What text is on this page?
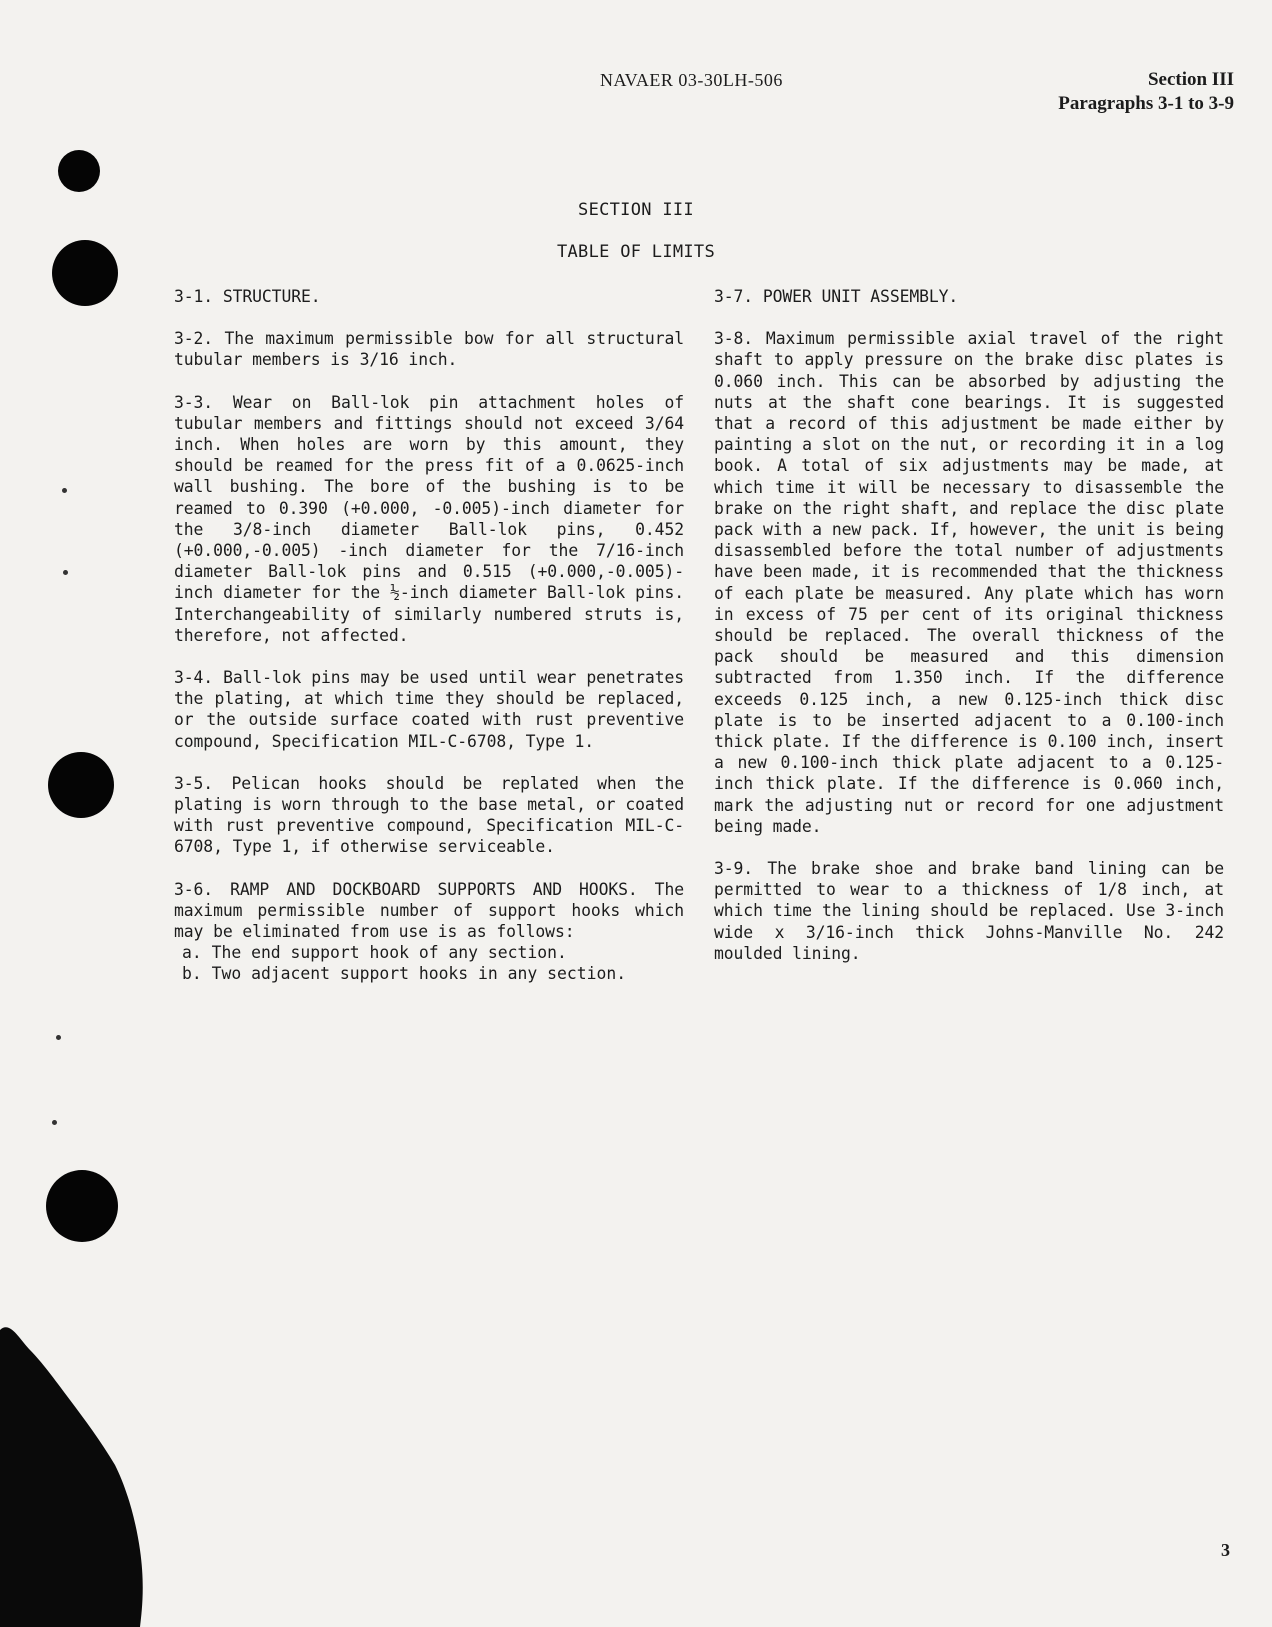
NAVAER 03-30LH-506	Section III
Paragraphs 3-1 to 3-9
SECTION III
TABLE OF LIMITS

3-1. STRUCTURE.

3-2. The maximum permissible bow for all structural tubular members is 3/16 inch.

3-3. Wear on Ball-lok pin attachment holes of tubular members and fittings should not exceed 3/64 inch. When holes are worn by this amount, they should be reamed for the press fit of a 0.0625-inch wall bushing. The bore of the bushing is to be reamed to 0.390 (+0.000, -0.005)-inch diameter for the 3/8-inch diameter Ball-lok pins, 0.452 (+0.000,-0.005) -inch diameter for the 7/16-inch diameter Ball-lok pins and 0.515 (+0.000,-0.005)-inch diameter for the ½-inch diameter Ball-lok pins. Interchangeability of similarly numbered struts is, therefore, not affected.

3-4. Ball-lok pins may be used until wear penetrates the plating, at which time they should be replaced, or the outside surface coated with rust preventive compound, Specification MIL-C-6708, Type 1.

3-5. Pelican hooks should be replated when the plating is worn through to the base metal, or coated with rust preventive compound, Specification MIL-C-6708, Type 1, if otherwise serviceable.

3-6. RAMP AND DOCKBOARD SUPPORTS AND HOOKS. The maximum permissible number of support hooks which may be eliminated from use is as follows:

a. The end support hook of any section.
b. Two adjacent support hooks in any section.

3-7. POWER UNIT ASSEMBLY.

3-8. Maximum permissible axial travel of the right shaft to apply pressure on the brake disc plates is 0.060 inch. This can be absorbed by adjusting the nuts at the shaft cone bearings. It is suggested that a record of this adjustment be made either by painting a slot on the nut, or recording it in a log book. A total of six adjustments may be made, at which time it will be necessary to disassemble the brake on the right shaft, and replace the disc plate pack with a new pack. If, however, the unit is being disassembled before the total number of adjustments have been made, it is recommended that the thickness of each plate be measured. Any plate which has worn in excess of 75 per cent of its original thickness should be replaced. The overall thickness of the pack should be measured and this dimension subtracted from 1.350 inch. If the difference exceeds 0.125 inch, a new 0.125-inch thick disc plate is to be inserted adjacent to a 0.100-inch thick plate. If the difference is 0.100 inch, insert a new 0.100-inch thick plate adjacent to a 0.125-inch thick plate. If the difference is 0.060 inch, mark the adjusting nut or record for one adjustment being made.

3-9. The brake shoe and brake band lining can be permitted to wear to a thickness of 1/8 inch, at which time the lining should be replaced. Use 3-inch wide x 3/16-inch thick Johns-Manville No. 242 moulded lining.

3
